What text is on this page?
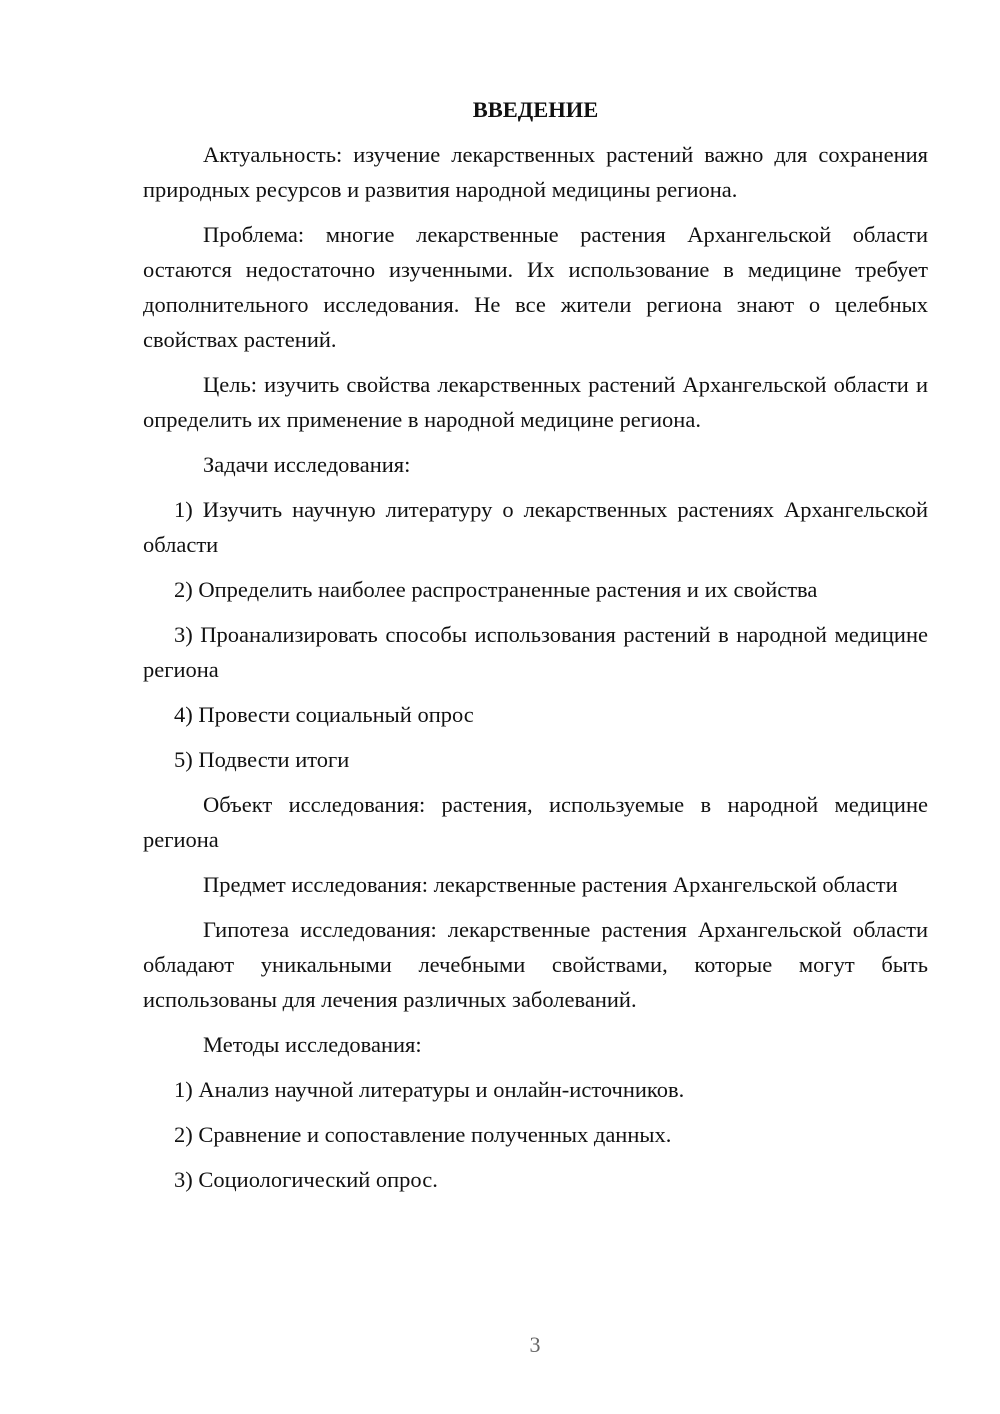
ВВЕДЕНИЕ

Актуальность: изучение лекарственных растений важно для сохранения природных ресурсов и развития народной медицины региона.

Проблема: многие лекарственные растения Архангельской области остаются недостаточно изученными. Их использование в медицине требует дополнительного исследования. Не все жители региона знают о целебных свойствах растений.

Цель: изучить свойства лекарственных растений Архангельской области и определить их применение в народной медицине региона.

Задачи исследования:

1) Изучить научную литературу о лекарственных растениях Архангельской области

2) Определить наиболее распространенные растения и их свойства

3) Проанализировать способы использования растений в народной медицине региона

4) Провести социальный опрос

5) Подвести итоги

Объект исследования: растения, используемые в народной медицине региона

Предмет исследования: лекарственные растения Архангельской области

Гипотеза исследования: лекарственные растения Архангельской области обладают уникальными лечебными свойствами, которые могут быть использованы для лечения различных заболеваний.

Методы исследования:

1) Анализ научной литературы и онлайн-источников.

2) Сравнение и сопоставление полученных данных.

3) Социологический опрос.

3
